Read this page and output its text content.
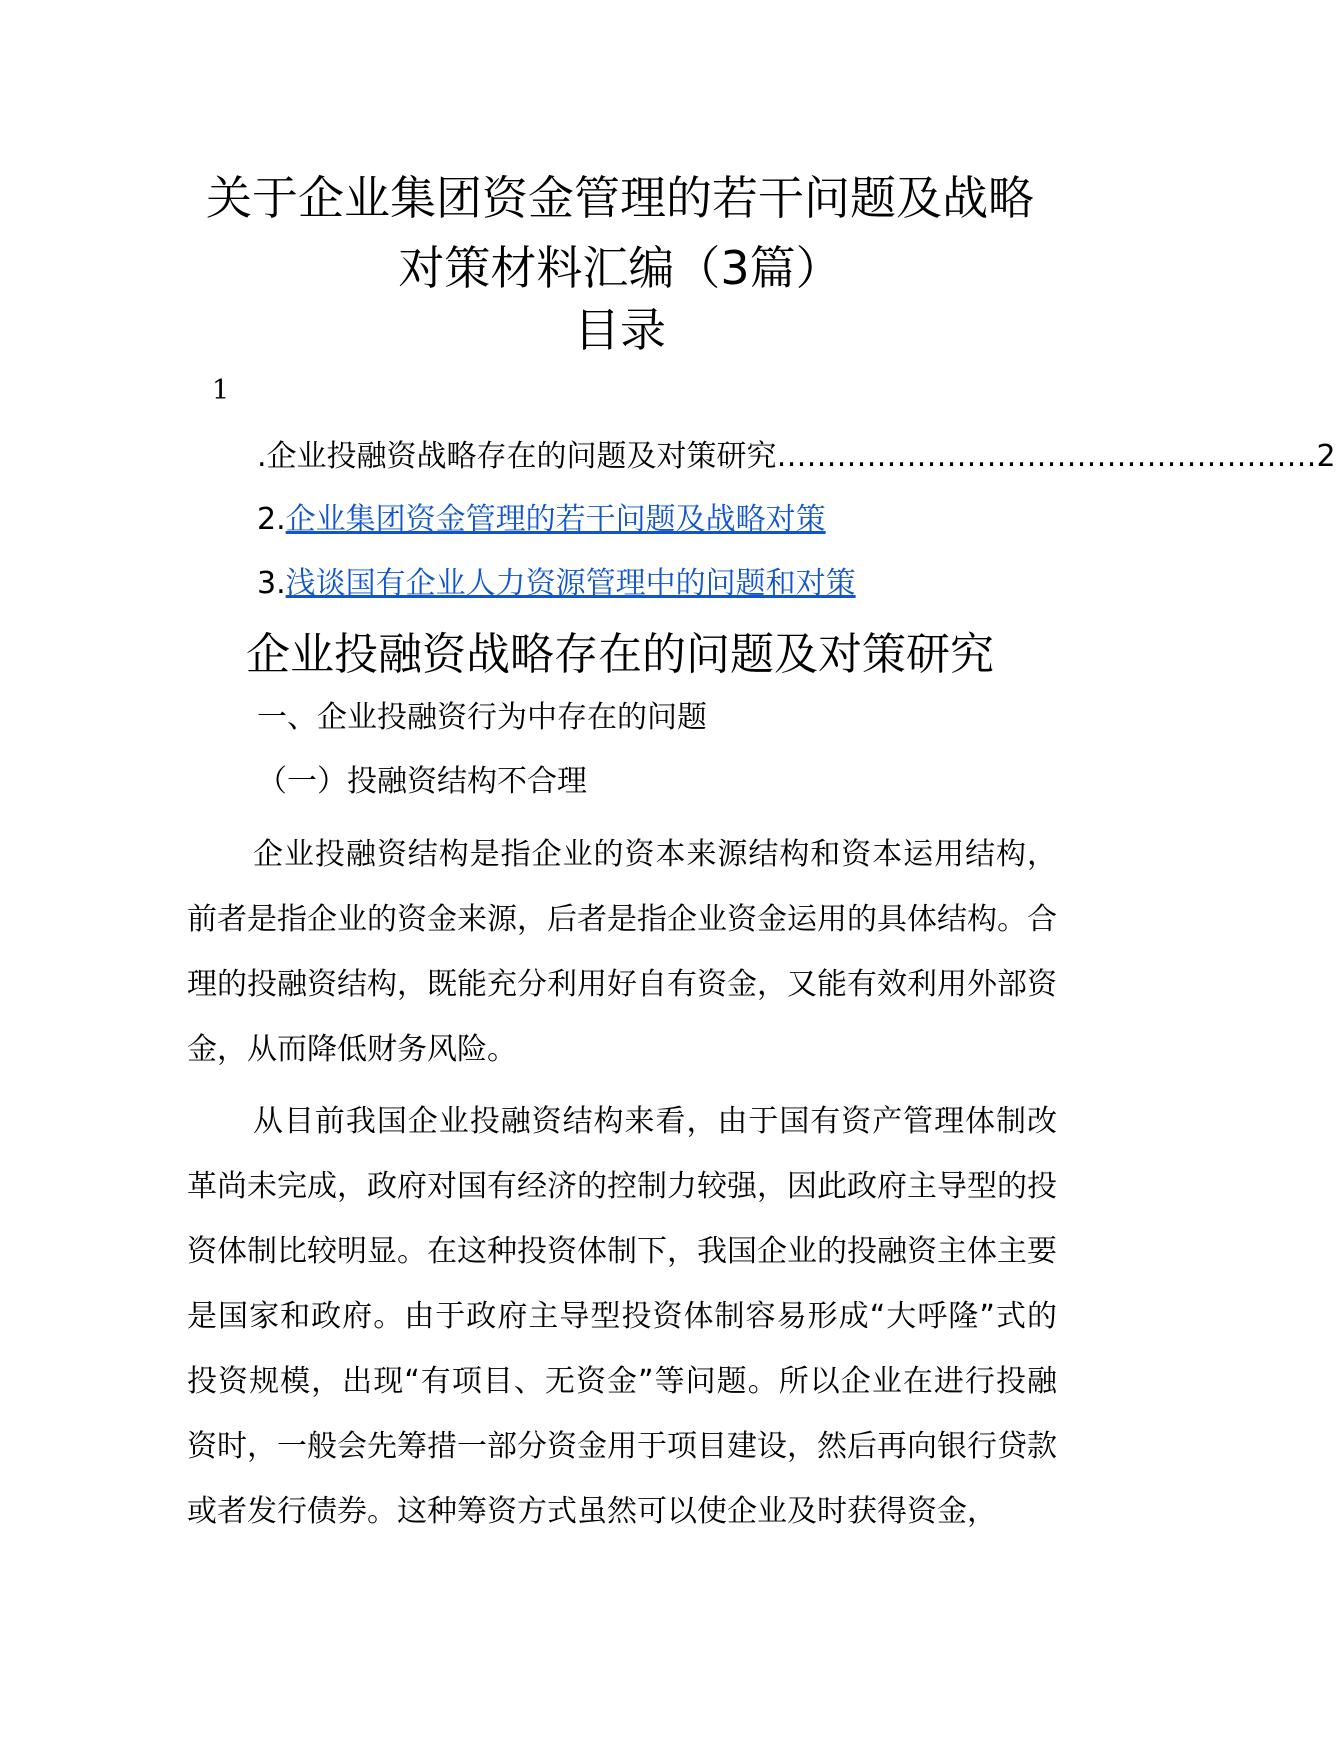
关于企业集团资金管理的若干问题及战略
对策材料汇编（3篇）
目录
1
.企业投融资战略存在的问题及对策研究 ……………………………………………… 2
2.企业集团资金管理的若干问题及战略对策
3.浅谈国有企业人力资源管理中的问题和对策
企业投融资战略存在的问题及对策研究
一、企业投融资行为中存在的问题
（一）投融资结构不合理

企业投融资结构是指企业的资本来源结构和资本运用结构，前者是指企业的资金来源，后者是指企业资金运用的具体结构。合理的投融资结构，既能充分利用好自有资金，又能有效利用外部资金，从而降低财务风险。

从目前我国企业投融资结构来看，由于国有资产管理体制改革尚未完成，政府对国有经济的控制力较强，因此政府主导型的投资体制比较明显。在这种投资体制下，我国企业的投融资主体主要是国家和政府。由于政府主导型投资体制容易形成“大呼隆”式的投资规模，出现“有项目、无资金”等问题。所以企业在进行投融资时，一般会先筹措一部分资金用于项目建设，然后再向银行贷款或者发行债券。这种筹资方式虽然可以使企业及时获得资金，
